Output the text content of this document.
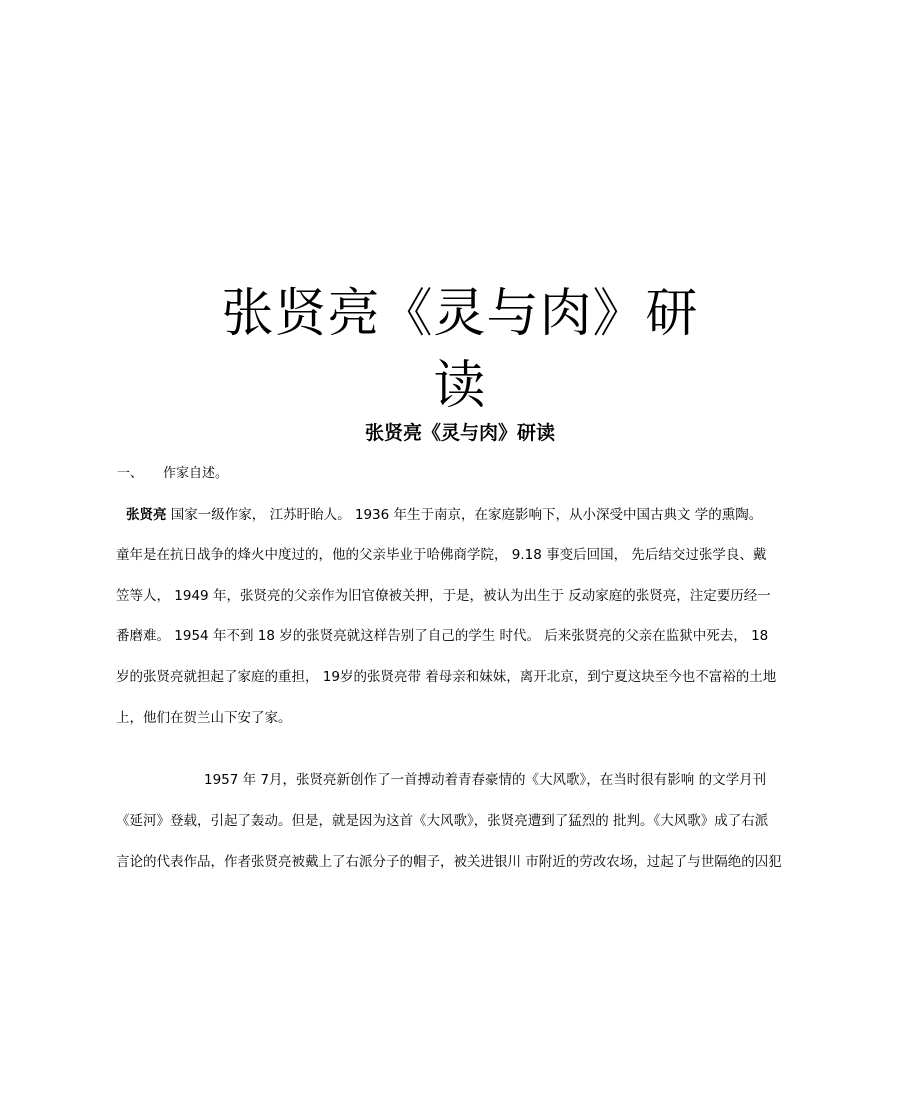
张贤亮《灵与肉》研
读
张贤亮《灵与肉》研读
一、 作家自述。
张贤亮 国家一级作家， 江苏盱眙人。 1936 年生于南京，在家庭影响下，从小深受中国古典文 学的熏陶。
童年是在抗日战争的烽火中度过的，他的父亲毕业于哈佛商学院， 9.18 事变后回国， 先后结交过张学良、戴
笠等人， 1949 年，张贤亮的父亲作为旧官僚被关押，于是，被认为出生于 反动家庭的张贤亮，注定要历经一
番磨难。 1954 年不到 18 岁的张贤亮就这样告别了自己的学生 时代。 后来张贤亮的父亲在监狱中死去， 18
岁的张贤亮就担起了家庭的重担， 19岁的张贤亮带 着母亲和妹妹，离开北京，到宁夏这块至今也不富裕的土地
上，他们在贺兰山下安了家。
1957 年 7月，张贤亮新创作了一首搏动着青春豪情的《大风歌》，在当时很有影响 的文学月刊
《延河》登载，引起了轰动。但是，就是因为这首《大风歌》，张贤亮遭到了猛烈的 批判。《大风歌》成了右派
言论的代表作品，作者张贤亮被戴上了右派分子的帽子，被关进银川 市附近的劳改农场，过起了与世隔绝的囚犯
